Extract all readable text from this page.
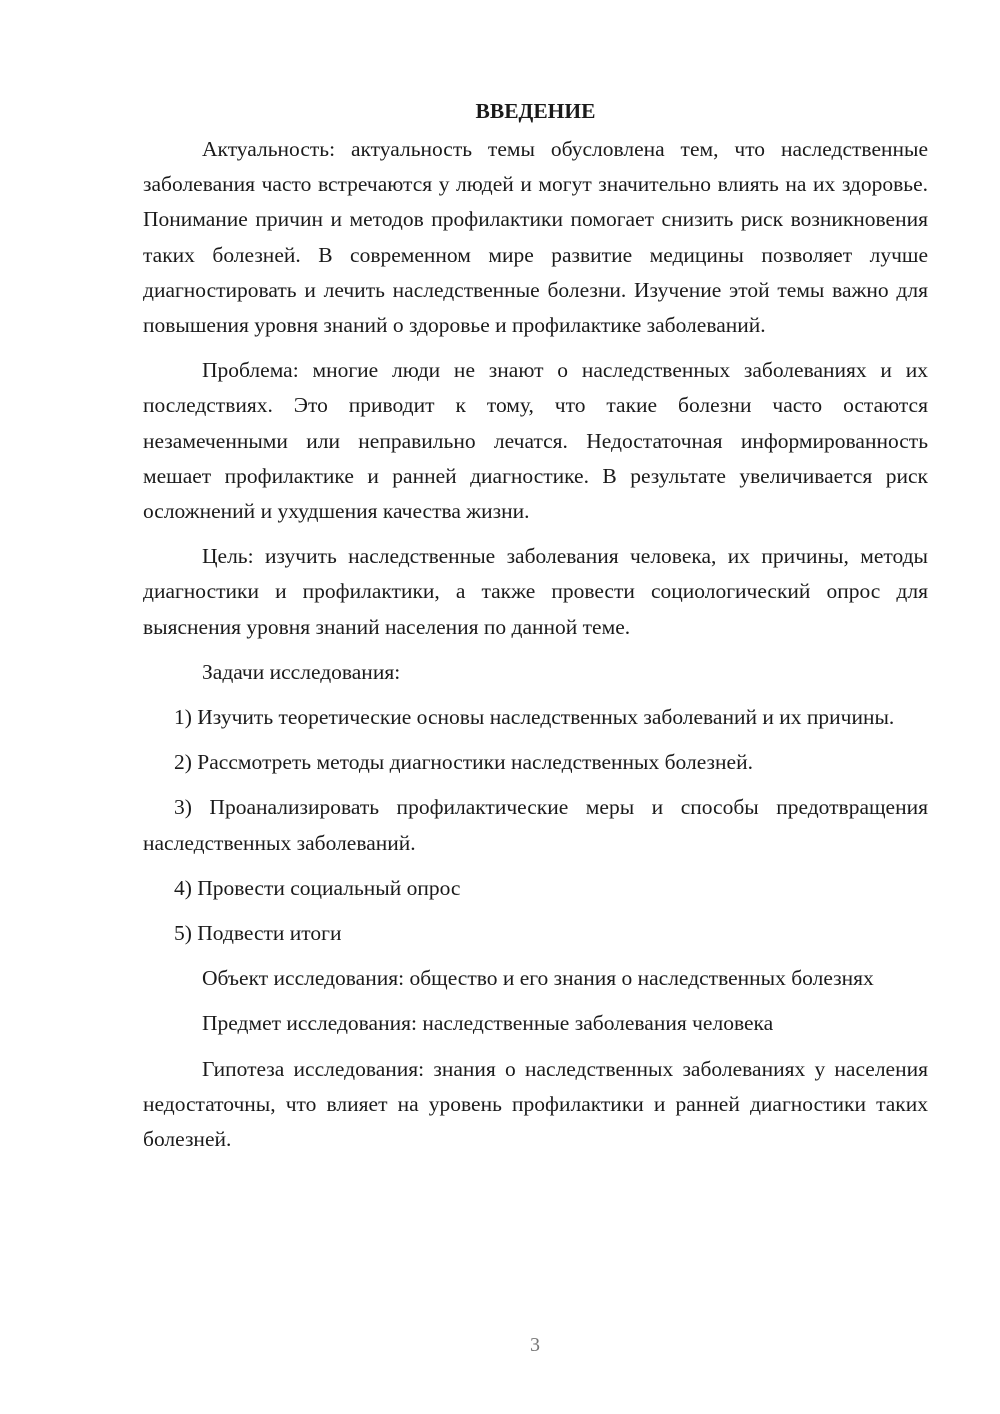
ВВЕДЕНИЕ

Актуальность: актуальность темы обусловлена тем, что наследственные заболевания часто встречаются у людей и могут значительно влиять на их здоровье. Понимание причин и методов профилактики помогает снизить риск возникновения таких болезней. В современном мире развитие медицины позволяет лучше диагностировать и лечить наследственные болезни. Изучение этой темы важно для повышения уровня знаний о здоровье и профилактике заболеваний.

Проблема: многие люди не знают о наследственных заболеваниях и их последствиях. Это приводит к тому, что такие болезни часто остаются незамеченными или неправильно лечатся. Недостаточная информированность мешает профилактике и ранней диагностике. В результате увеличивается риск осложнений и ухудшения качества жизни.

Цель: изучить наследственные заболевания человека, их причины, методы диагностики и профилактики, а также провести социологический опрос для выяснения уровня знаний населения по данной теме.

Задачи исследования:

1) Изучить теоретические основы наследственных заболеваний и их причины.

2) Рассмотреть методы диагностики наследственных болезней.

3) Проанализировать профилактические меры и способы предотвращения наследственных заболеваний.

4) Провести социальный опрос

5) Подвести итоги

Объект исследования: общество и его знания о наследственных болезнях

Предмет исследования: наследственные заболевания человека

Гипотеза исследования: знания о наследственных заболеваниях у населения недостаточны, что влияет на уровень профилактики и ранней диагностики таких болезней.

3
